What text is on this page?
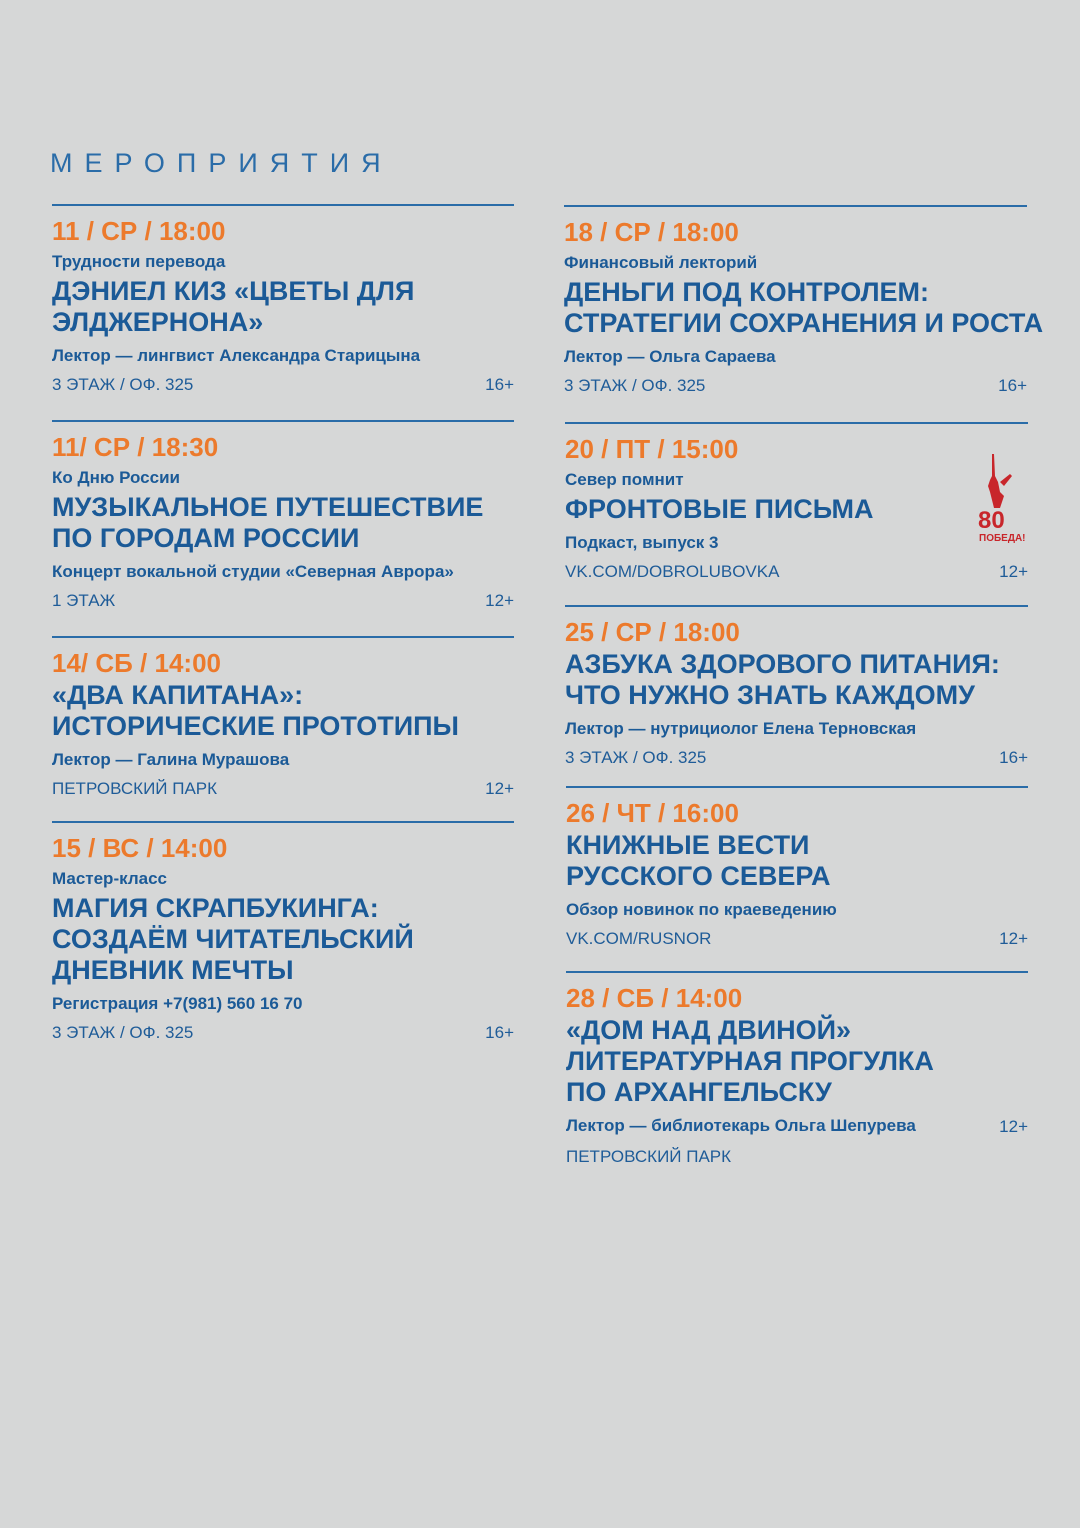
МЕРОПРИЯТИЯ
11 / СР / 18:00
Трудности перевода
ДЭНИЕЛ КИЗ «ЦВЕТЫ ДЛЯ
ЭЛДЖЕРНОНА»
Лектор — лингвист Александра Старицына
3 ЭТАЖ / ОФ. 325	16+
11/ СР / 18:30
Ко Дню России
МУЗЫКАЛЬНОЕ ПУТЕШЕСТВИЕ
ПО ГОРОДАМ РОССИИ
Концерт вокальной студии «Северная Аврора»
1 ЭТАЖ	12+
14/ СБ / 14:00
«ДВА КАПИТАНА»:
ИСТОРИЧЕСКИЕ ПРОТОТИПЫ
Лектор — Галина Мурашова
ПЕТРОВСКИЙ ПАРК	12+
15 / ВС / 14:00
Мастер-класс
МАГИЯ СКРАПБУКИНГА:
СОЗДАЁМ ЧИТАТЕЛЬСКИЙ
ДНЕВНИК МЕЧТЫ
Регистрация +7(981) 560 16 70
3 ЭТАЖ / ОФ. 325	16+
18 / СР / 18:00
Финансовый лекторий
ДЕНЬГИ ПОД КОНТРОЛЕМ:
СТРАТЕГИИ СОХРАНЕНИЯ И РОСТА
Лектор — Ольга Сараева
3 ЭТАЖ / ОФ. 325	16+
20 / ПТ / 15:00
Север помнит
ФРОНТОВЫЕ ПИСЬМА
Подкаст, выпуск 3
VK.COM/DOBROLUBOVKA	12+
25 / СР / 18:00
АЗБУКА ЗДОРОВОГО ПИТАНИЯ:
ЧТО НУЖНО ЗНАТЬ КАЖДОМУ
Лектор — нутрициолог Елена Терновская
3 ЭТАЖ / ОФ. 325	16+
26 / ЧТ / 16:00
КНИЖНЫЕ ВЕСТИ
РУССКОГО СЕВЕРА
Обзор новинок по краеведению
VK.COM/RUSNOR	12+
28 / СБ / 14:00
«ДОМ НАД ДВИНОЙ»
ЛИТЕРАТУРНАЯ ПРОГУЛКА
ПО АРХАНГЕЛЬСКУ
Лектор — библиотекарь Ольга Шепурева	12+
ПЕТРОВСКИЙ ПАРК
80
ПОБЕДА!
